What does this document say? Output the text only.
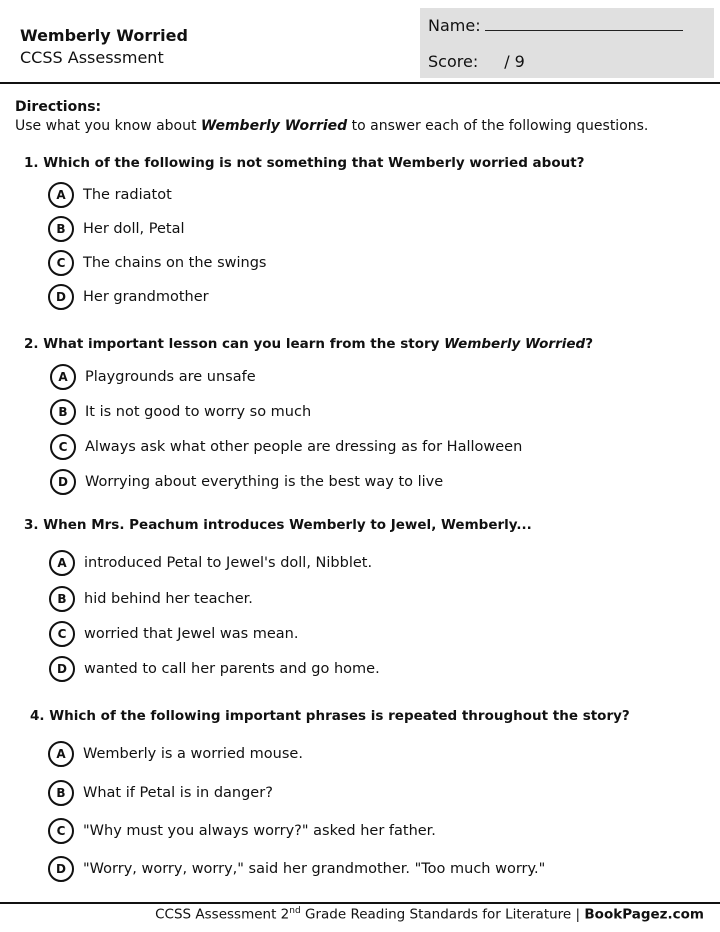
Wemberly Worried
CCSS Assessment
Name:
Score: / 9
Directions:
Use what you know about Wemberly Worried to answer each of the following questions.
1. Which of the following is not something that Wemberly worried about?
A	The radiatot
B	Her doll, Petal
C	The chains on the swings
D	Her grandmother
2. What important lesson can you learn from the story Wemberly Worried?
A	Playgrounds are unsafe
B	It is not good to worry so much
C	Always ask what other people are dressing as for Halloween
D	Worrying about everything is the best way to live
3. When Mrs. Peachum introduces Wemberly to Jewel, Wemberly...
A	introduced Petal to Jewel's doll, Nibblet.
B	hid behind her teacher.
C	worried that Jewel was mean.
D	wanted to call her parents and go home.
4. Which of the following important phrases is repeated throughout the story?
A	Wemberly is a worried mouse.
B	What if Petal is in danger?
C	"Why must you always worry?" asked her father.
D	"Worry, worry, worry," said her grandmother. "Too much worry."
CCSS Assessment 2nd Grade Reading Standards for Literature | BookPagez.com
